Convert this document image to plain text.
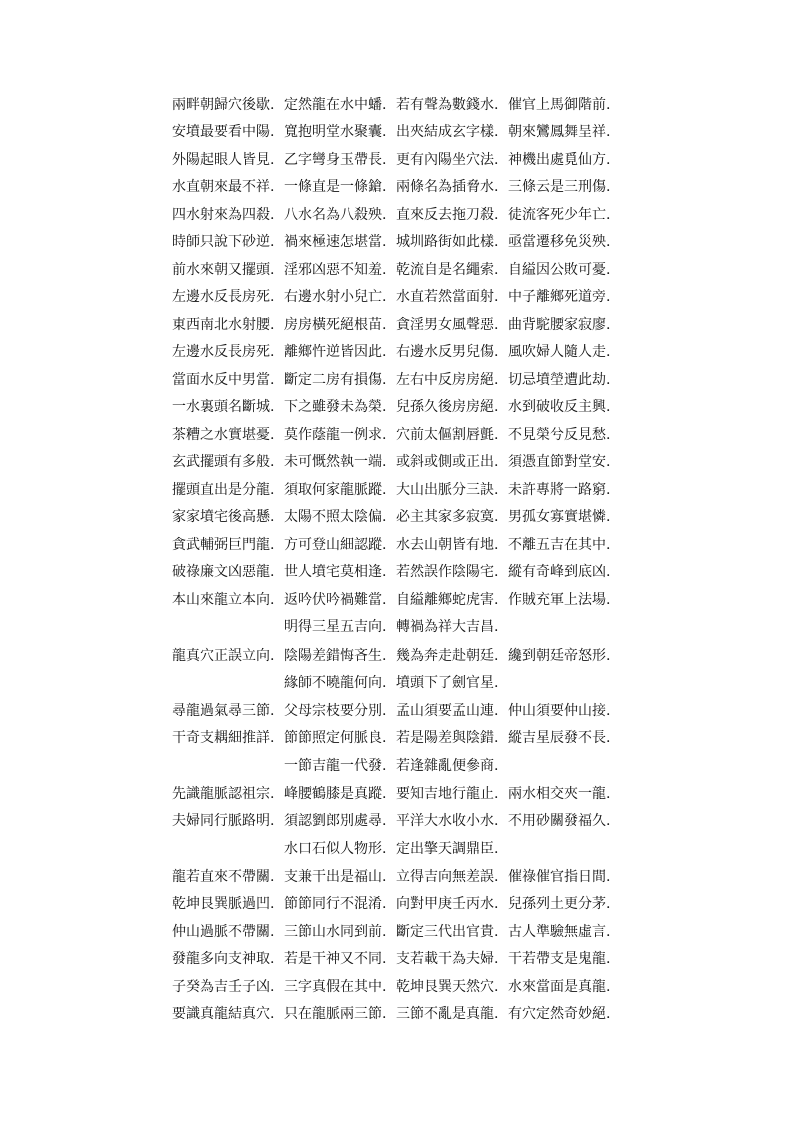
兩畔朝歸穴後歇. 定然龍在水中蟠. 若有聲為數錢水. 催官上馬御階前.
安墳最要看中陽. 寬抱明堂水聚囊. 出夾結成玄字樣. 朝來鸞鳳舞呈祥.
外陽起眼人皆見. 乙字彎身玉帶長. 更有內陽坐穴法. 神機出處覓仙方.
水直朝來最不祥. 一條直是一條鎗. 兩條名為插脅水. 三條云是三刑傷.
四水射來為四殺. 八水名為八殺殃. 直來反去拖刀殺. 徒流客死少年亡.
時師只說下砂逆. 禍來極速怎堪當. 城圳路街如此樣. 亟當遷移免災殃.
前水來朝又擺頭. 淫邪凶惡不知羞. 乾流自是名繩索. 自縊因公敗可憂.
左邊水反長房死. 右邊水射小兒亡. 水直若然當面射. 中子離鄉死道旁.
東西南北水射腰. 房房橫死絕根苗. 貪淫男女風聲惡. 曲背駝腰家寂廖.
左邊水反長房死. 離鄉忤逆皆因此. 右邊水反男兒傷. 風吹婦人隨人走.
當面水反中男當. 斷定二房有損傷. 左右中反房房絕. 切忌墳塋遭此劫.
一水裏頭名斷城. 下之雖發未為榮. 兒孫久後房房絕. 水到破收反主興.
茶糟之水實堪憂. 莫作蔭龍一例求. 穴前太傴割唇氈. 不見榮兮反見愁.
玄武擺頭有多般. 未可慨然執一端. 或斜或側或正出. 須憑直節對堂安.
擺頭直出是分龍. 須取何家龍脈蹤. 大山出脈分三訣. 未許專將一路窮.
家家墳宅後高懸. 太陽不照太陰偏. 必主其家多寂寞. 男孤女寡實堪憐.
貪武輔弼巨門龍. 方可登山細認蹤. 水去山朝皆有地. 不離五吉在其中.
破祿廉文凶惡龍. 世人墳宅莫相逢. 若然誤作陰陽宅. 縱有奇峰到底凶.
本山來龍立本向. 返吟伏吟禍難當. 自縊離鄉蛇虎害. 作賊充軍上法場.
明得三星五吉向. 轉禍為祥大吉昌.
龍真穴正誤立向. 陰陽差錯悔吝生. 幾為奔走赴朝廷. 纔到朝廷帝怒形.
緣師不曉龍何向. 墳頭下了劍官星.
尋龍過氣尋三節. 父母宗枝要分別. 孟山須要孟山連. 仲山須要仲山接.
干奇支耦細推詳. 節節照定何脈良. 若是陽差與陰錯. 縱吉星辰發不長.
一節吉龍一代發. 若逢雜亂便參商.
先識龍脈認祖宗. 峰腰鶴膝是真蹤. 要知吉地行龍止. 兩水相交夾一龍.
夫婦同行脈路明. 須認劉郎別處尋. 平洋大水收小水. 不用砂關發福久.
水口石似人物形. 定出擎天調鼎臣.
龍若直來不帶關. 支兼干出是福山. 立得吉向無差誤. 催祿催官指日間.
乾坤艮巽脈過凹. 節節同行不混淆. 向對甲庚壬丙水. 兒孫列土更分茅.
仲山過脈不帶關. 三節山水同到前. 斷定三代出官貴. 古人準驗無虛言.
發龍多向支神取. 若是干神又不同. 支若載干為夫婦. 干若帶支是鬼龍.
子癸為吉壬子凶. 三字真假在其中. 乾坤艮巽天然穴. 水來當面是真龍.
要識真龍結真穴. 只在龍脈兩三節. 三節不亂是真龍. 有穴定然奇妙絕.
